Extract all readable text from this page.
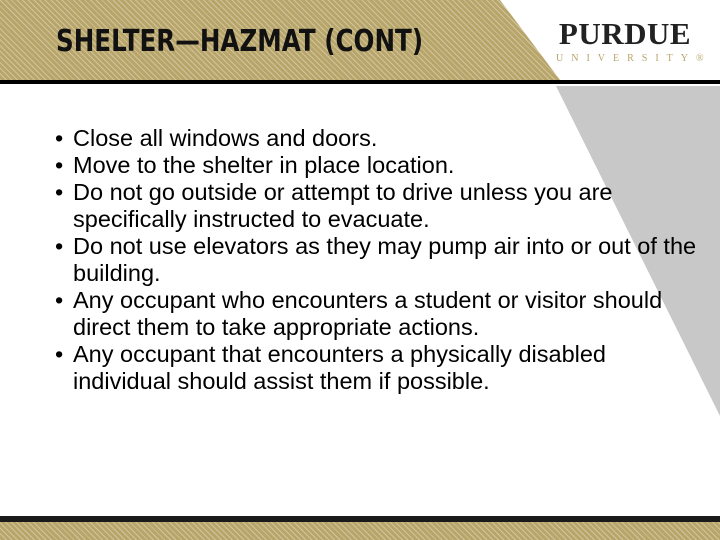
SHELTER—HAZMAT (CONT)	PURDUE
UNIVERSITY®
• Close all windows and doors.
• Move to the shelter in place location.
• Do not go outside or attempt to drive unless you are specifically instructed to evacuate.
• Do not use elevators as they may pump air into or out of the building.
• Any occupant who encounters a student or visitor should direct them to take appropriate actions.
• Any occupant that encounters a physically disabled individual should assist them if possible.
